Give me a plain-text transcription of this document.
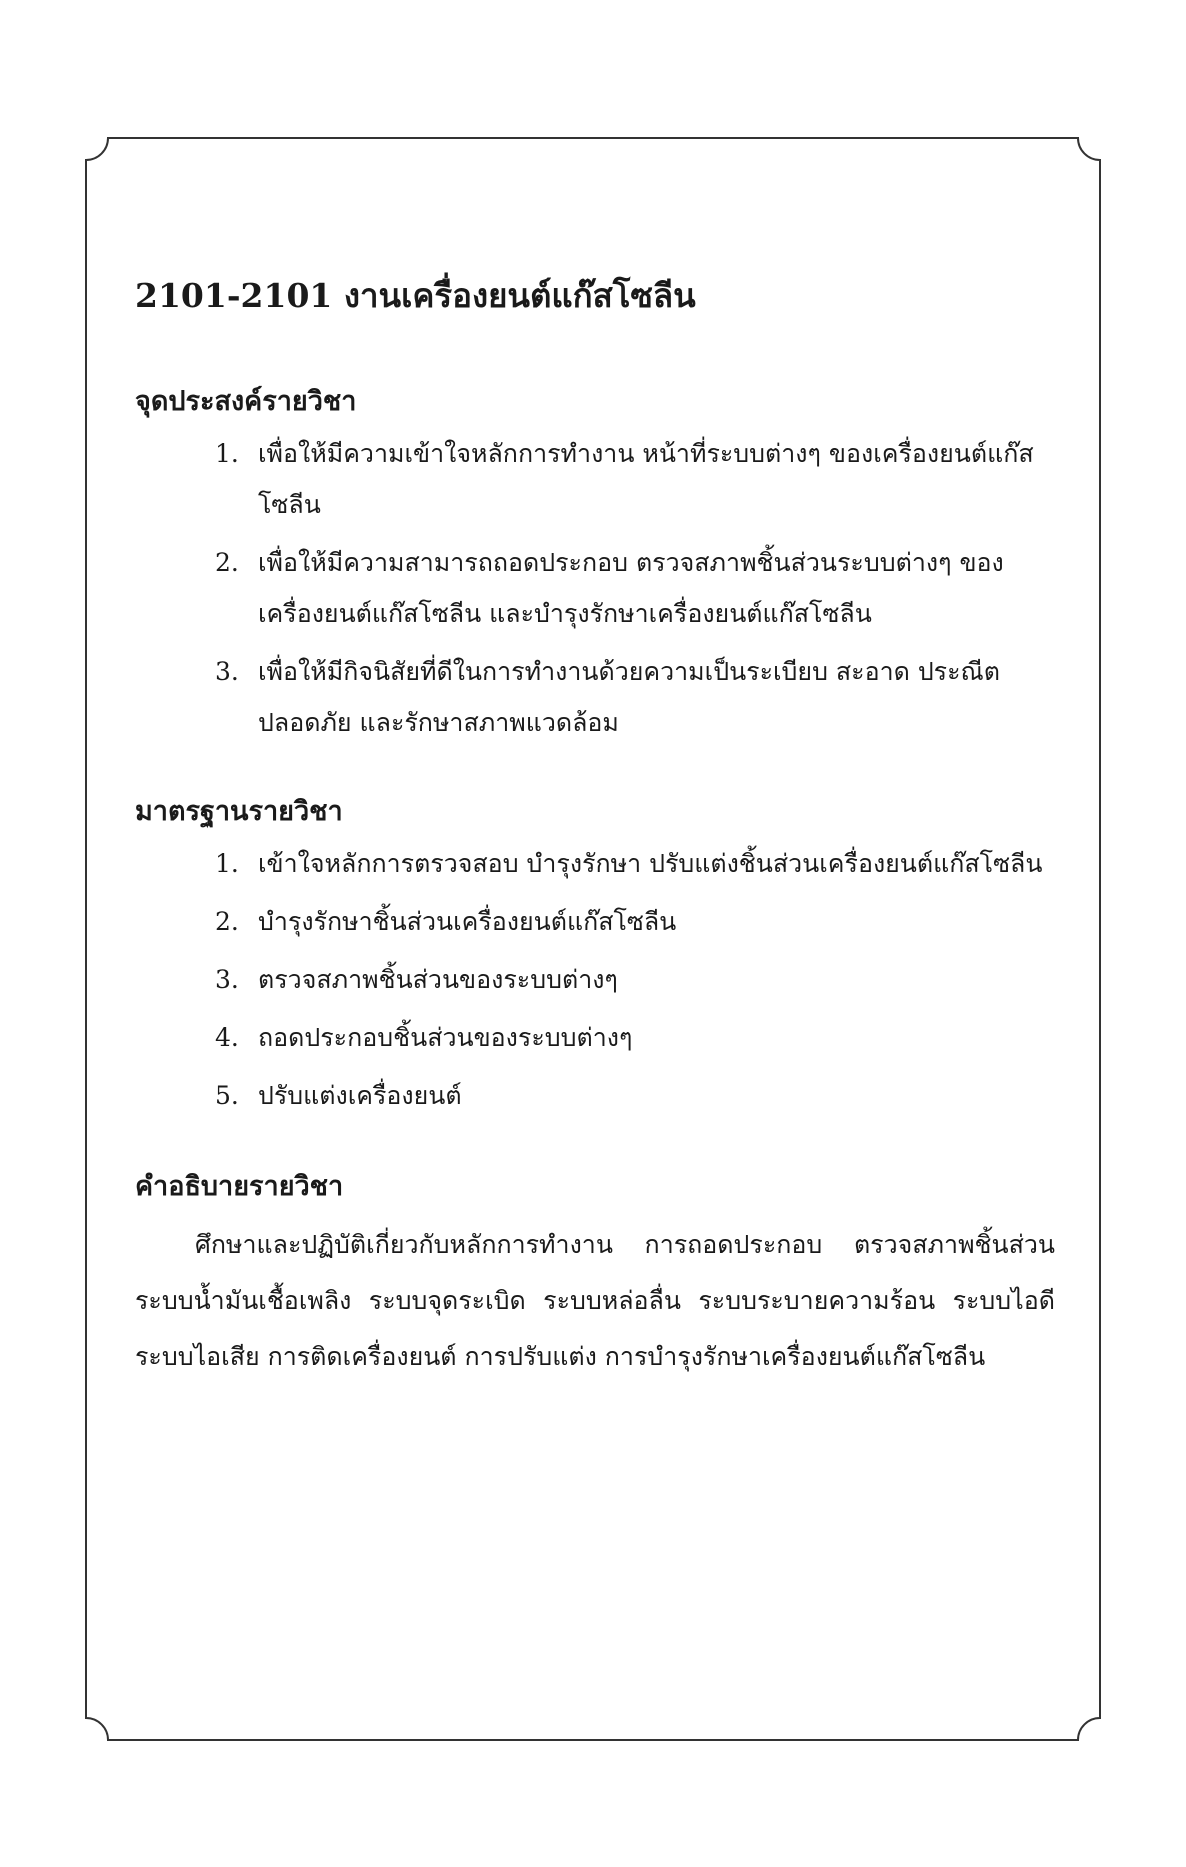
2101-2101 งานเครื่องยนต์แก๊สโซลีน
จุดประสงค์รายวิชา
1. เพื่อให้มีความเข้าใจหลักการทำงาน หน้าที่ระบบต่างๆ ของเครื่องยนต์แก๊สโซลีน
2. เพื่อให้มีความสามารถถอดประกอบ ตรวจสภาพชิ้นส่วนระบบต่างๆ ของเครื่องยนต์แก๊สโซลีน และบำรุงรักษาเครื่องยนต์แก๊สโซลีน
3. เพื่อให้มีกิจนิสัยที่ดีในการทำงานด้วยความเป็นระเบียบ สะอาด ประณีต ปลอดภัย และรักษาสภาพแวดล้อม
มาตรฐานรายวิชา
1. เข้าใจหลักการตรวจสอบ บำรุงรักษา ปรับแต่งชิ้นส่วนเครื่องยนต์แก๊สโซลีน
2. บำรุงรักษาชิ้นส่วนเครื่องยนต์แก๊สโซลีน
3. ตรวจสภาพชิ้นส่วนของระบบต่างๆ
4. ถอดประกอบชิ้นส่วนของระบบต่างๆ
5. ปรับแต่งเครื่องยนต์
คำอธิบายรายวิชา

ศึกษาและปฏิบัติเกี่ยวกับหลักการทำงาน การถอดประกอบ ตรวจสภาพชิ้นส่วนระบบน้ำมันเชื้อเพลิง ระบบจุดระเบิด ระบบหล่อลื่น ระบบระบายความร้อน ระบบไอดี ระบบไอเสีย การติดเครื่องยนต์ การปรับแต่ง การบำรุงรักษาเครื่องยนต์แก๊สโซลีน
